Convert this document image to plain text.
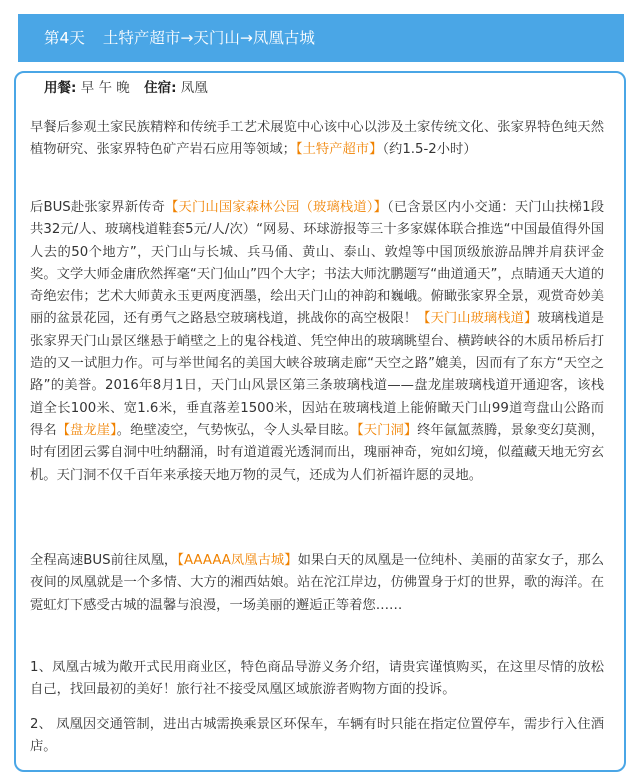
第4天 土特产超市→天门山→凤凰古城
用餐: 早 午 晚 住宿: 凤凰

早餐后参观土家民族精粹和传统手工艺术展览中心该中心以涉及土家传统文化、张家界特色纯天然植物研究、张家界特色矿产岩石应用等领域；【土特产超市】（约1.5-2小时）

后BUS赴张家界新传奇【天门山国家森林公园（玻璃栈道）】（已含景区内小交通：天门山扶梯1段共32元/人、玻璃栈道鞋套5元/人/次）“网易、环球游报等三十多家媒体联合推选“中国最值得外国人去的50个地方”，天门山与长城、兵马俑、黄山、泰山、敦煌等中国顶级旅游品牌并肩获评金奖。文学大师金庸欣然挥毫“天门仙山”四个大字；书法大师沈鹏题写“曲道通天”，点睛通天大道的奇绝宏伟；艺术大师黄永玉更两度洒墨，绘出天门山的神韵和巍峨。俯瞰张家界全景，观赏奇妙美丽的盆景花园，还有勇气之路悬空玻璃栈道，挑战你的高空极限！【天门山玻璃栈道】玻璃栈道是张家界天门山景区继悬于峭壁之上的鬼谷栈道、凭空伸出的玻璃眺望台、横跨峡谷的木质吊桥后打造的又一试胆力作。可与举世闻名的美国大峡谷玻璃走廊“天空之路”媲美，因而有了东方“天空之路”的美誉。2016年8月1日，天门山风景区第三条玻璃栈道——盘龙崖玻璃栈道开通迎客，该栈道全长100米、宽1.6米，垂直落差1500米，因站在玻璃栈道上能俯瞰天门山99道弯盘山公路而得名【盘龙崖】。绝壁凌空，气势恢弘，令人头晕目眩。【天门洞】终年氤氲蒸腾，景象变幻莫测，时有团团云雾自洞中吐纳翻涌，时有道道霞光透洞而出，瑰丽神奇，宛如幻境，似蕴藏天地无穷玄机。天门洞不仅千百年来承接天地万物的灵气，还成为人们祈福许愿的灵地。

全程高速BUS前往凤凰，【AAAAA凤凰古城】如果白天的凤凰是一位纯朴、美丽的苗家女子，那么夜间的凤凰就是一个多情、大方的湘西姑娘。站在沱江岸边，仿佛置身于灯的世界，歌的海洋。在霓虹灯下感受古城的温馨与浪漫，一场美丽的邂逅正等着您……

1、凤凰古城为敞开式民用商业区，特色商品导游义务介绍，请贵宾谨慎购买，在这里尽情的放松自己，找回最初的美好！旅行社不接受凤凰区域旅游者购物方面的投诉。

2、 凤凰因交通管制，进出古城需换乘景区环保车，车辆有时只能在指定位置停车，需步行入住酒店。
